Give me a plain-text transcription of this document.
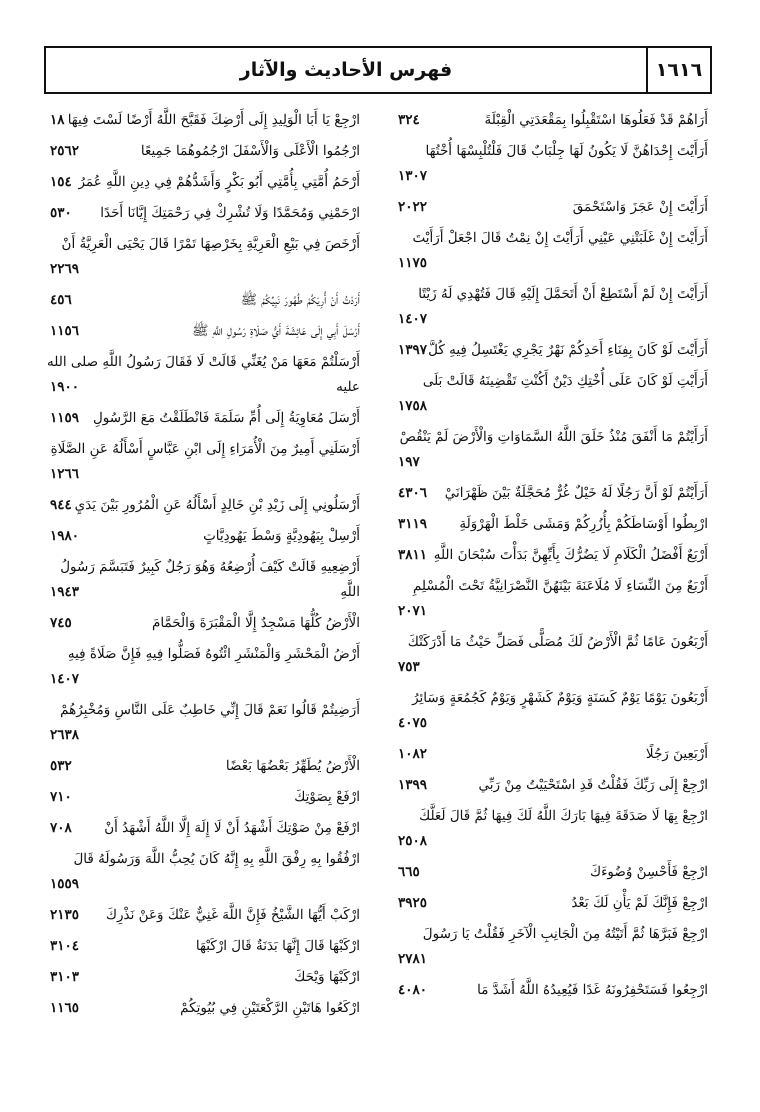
فهرس الأحاديث والآثار	١٦١٦
أَرَاهُمْ قَدْ فَعَلُوهَا اسْتَقْبِلُوا بِمَقْعَدَتِي الْقِبْلَةَ
٣٢٤
أَرَأَيْتَ إِحْدَاهُنَّ لَا يَكُونُ لَهَا جِلْبَابٌ قَالَ فَلْتُلْبِسْهَا أُخْتُهَا
١٣٠٧
أَرَأَيْتَ إِنْ عَجَزَ وَاسْتَحْمَقَ
٢٠٢٢
أَرَأَيْتَ إِنْ غَلَبَتْنِي عَيْنِي أَرَأَيْتَ إِنْ نِمْتُ قَالَ اجْعَلْ أَرَأَيْتَ
١١٧٥
أَرَأَيْتَ إِنْ لَمْ أَسْتَطِعْ أَنْ أَتَحَمَّلَ إِلَيْهِ قَالَ فَتُهْدِي لَهُ زَيْتًا
١٤٠٧
أَرَأَيْتَ لَوْ كَانَ بِفِنَاءِ أَحَدِكُمْ نَهْرٌ يَجْرِي يَغْتَسِلُ فِيهِ كُلَّ
١٣٩٧
أَرَأَيْتِ لَوْ كَانَ عَلَى أُخْتِكِ دَيْنٌ أَكُنْتِ تَقْضِينَهُ قَالَتْ بَلَى
١٧٥٨
أَرَأَيْتُمْ مَا أَنْفَقَ مُنْذُ خَلَقَ اللَّهُ السَّمَاوَاتِ وَالْأَرْضَ لَمْ يَنْقُصْ
١٩٧
أَرَأَيْتُمْ لَوْ أَنَّ رَجُلًا لَهُ خَيْلٌ غُرٌّ مُحَجَّلَةٌ بَيْنَ ظَهْرَانَيْ
٤٣٠٦
ارْبِطُوا أَوْسَاطَكُمْ بِأُزُرِكُمْ وَمَشَى خَلْطَ الْهَرْوَلَةِ
٣١١٩
أَرْبَعٌ أَفْضَلُ الْكَلَامِ لَا يَضُرُّكَ بِأَيِّهِنَّ بَدَأْتَ سُبْحَانَ اللَّهِ
٣٨١١
أَرْبَعٌ مِنَ النِّسَاءِ لَا مُلَاعَنَةَ بَيْنَهُنَّ النَّصْرَانِيَّةُ تَحْتَ الْمُسْلِمِ
٢٠٧١
أَرْبَعُونَ عَامًا ثُمَّ الْأَرْضُ لَكَ مُصَلًّى فَصَلِّ حَيْثُ مَا أَدْرَكَتْكَ
٧٥٣
أَرْبَعُونَ يَوْمًا يَوْمٌ كَسَنَةٍ وَيَوْمٌ كَشَهْرٍ وَيَوْمٌ كَجُمُعَةٍ وَسَائِرُ
٤٠٧٥
أَرْبَعِينَ رَجُلًا
١٠٨٢
ارْجِعْ إِلَى رَبِّكَ فَقُلْتُ قَدِ اسْتَحْيَيْتُ مِنْ رَبِّي
١٣٩٩
ارْجِعْ بِهَا لَا صَدَقَةَ فِيهَا بَارَكَ اللَّهُ لَكَ فِيهَا ثُمَّ قَالَ لَعَلَّكَ
٢٥٠٨
ارْجِعْ فَأَحْسِنْ وُضُوءَكَ
٦٦٥
ارْجِعْ فَإِنَّكَ لَمْ يَأْنِ لَكَ بَعْدُ
٣٩٢٥
ارْجِعْ فَبَرَّهَا ثُمَّ أَتَيْتُهُ مِنَ الْجَانِبِ الْآخَرِ فَقُلْتُ يَا رَسُولَ
٢٧٨١
ارْجِعُوا فَسَتَحْفِرُونَهُ غَدًا فَيُعِيدُهُ اللَّهُ أَشَدَّ مَا
٤٠٨٠
ارْجِعْ يَا أَبَا الْوَلِيدِ إِلَى أَرْضِكَ فَقَبَّحَ اللَّهُ أَرْضًا لَسْتَ فِيهَا
١٨
ارْجُمُوا الْأَعْلَى وَالْأَسْفَلَ ارْجُمُوهُمَا جَمِيعًا
٢٥٦٢
أَرْحَمُ أُمَّتِي بِأُمَّتِي أَبُو بَكْرٍ وَأَشَدُّهُمْ فِي دِينِ اللَّهِ عُمَرُ
١٥٤
ارْحَمْنِي وَمُحَمَّدًا وَلَا تُشْرِكْ فِي رَحْمَتِكَ إِيَّانَا أَحَدًا
٥٣٠
أَرْخَصَ فِي بَيْعِ الْعَرِيَّةِ بِخَرْصِهَا تَمْرًا قَالَ يَحْيَى الْعَرِيَّةُ أَنْ
٢٢٦٩
أَرَدْتُ أَنْ أُرِيَكُمْ طُهُورَ نَبِيِّكُمْ ﷺ
٤٥٦
أَرْسَلَ أَبِي إِلَى عَائِشَةَ أَيُّ صَلَاةِ رَسُولِ اللَّهِ ﷺ
١١٥٦
أَرْسَلْتُمْ مَعَهَا مَنْ يُغَنِّي قَالَتْ لَا فَقَالَ رَسُولُ اللَّهِ صلى الله عليه
١٩٠٠
أَرْسَلَ مُعَاوِيَةُ إِلَى أُمِّ سَلَمَةَ فَانْطَلَقْتُ مَعَ الرَّسُولِ
١١٥٩
أَرْسَلَنِي أَمِيرٌ مِنَ الْأُمَرَاءِ إِلَى ابْنِ عَبَّاسٍ أَسْأَلُهُ عَنِ الصَّلَاةِ
١٢٦٦
أَرْسَلُونِي إِلَى زَيْدِ بْنِ خَالِدٍ أَسْأَلُهُ عَنِ الْمُرُورِ بَيْنَ يَدَيِ
٩٤٤
أَرْسِلْ بِيَهُودِيَّةٍ وَسْطَ يَهُودِيَّاتٍ
١٩٨٠
أَرْضِعِيهِ قَالَتْ كَيْفَ أُرْضِعُهُ وَهُوَ رَجُلٌ كَبِيرٌ فَتَبَسَّمَ رَسُولُ اللَّهِ
١٩٤٣
الْأَرْضُ كُلُّهَا مَسْجِدٌ إِلَّا الْمَقْبَرَةَ وَالْحَمَّامَ
٧٤٥
أَرْضُ الْمَحْشَرِ وَالْمَنْشَرِ ائْتُوهُ فَصَلُّوا فِيهِ فَإِنَّ صَلَاةً فِيهِ
١٤٠٧
أَرَضِيتُمْ قَالُوا نَعَمْ قَالَ إِنِّي خَاطِبٌ عَلَى النَّاسِ وَمُخْبِرُهُمْ
٢٦٣٨
الْأَرْضُ يُطَهِّرُ بَعْضُهَا بَعْضًا
٥٣٢
ارْفَعْ بِصَوْتِكَ
٧١٠
ارْفَعْ مِنْ صَوْتِكَ أَشْهَدُ أَنْ لَا إِلَهَ إِلَّا اللَّهُ أَشْهَدُ أَنْ
٧٠٨
ارْفُقُوا بِهِ رِفْقَ اللَّهِ بِهِ إِنَّهُ كَانَ يُحِبُّ اللَّهَ وَرَسُولَهُ قَالَ
١٥٥٩
ارْكَبْ أَيُّهَا الشَّيْخُ فَإِنَّ اللَّهَ غَنِيٌّ عَنْكَ وَعَنْ نَذْرِكَ
٢١٣٥
ارْكَبْهَا قَالَ إِنَّهَا بَدَنَةٌ قَالَ ارْكَبْهَا
٣١٠٤
ارْكَبْهَا وَيْحَكَ
٣١٠٣
ارْكَعُوا هَاتَيْنِ الرَّكْعَتَيْنِ فِي بُيُوتِكُمْ
١١٦٥
